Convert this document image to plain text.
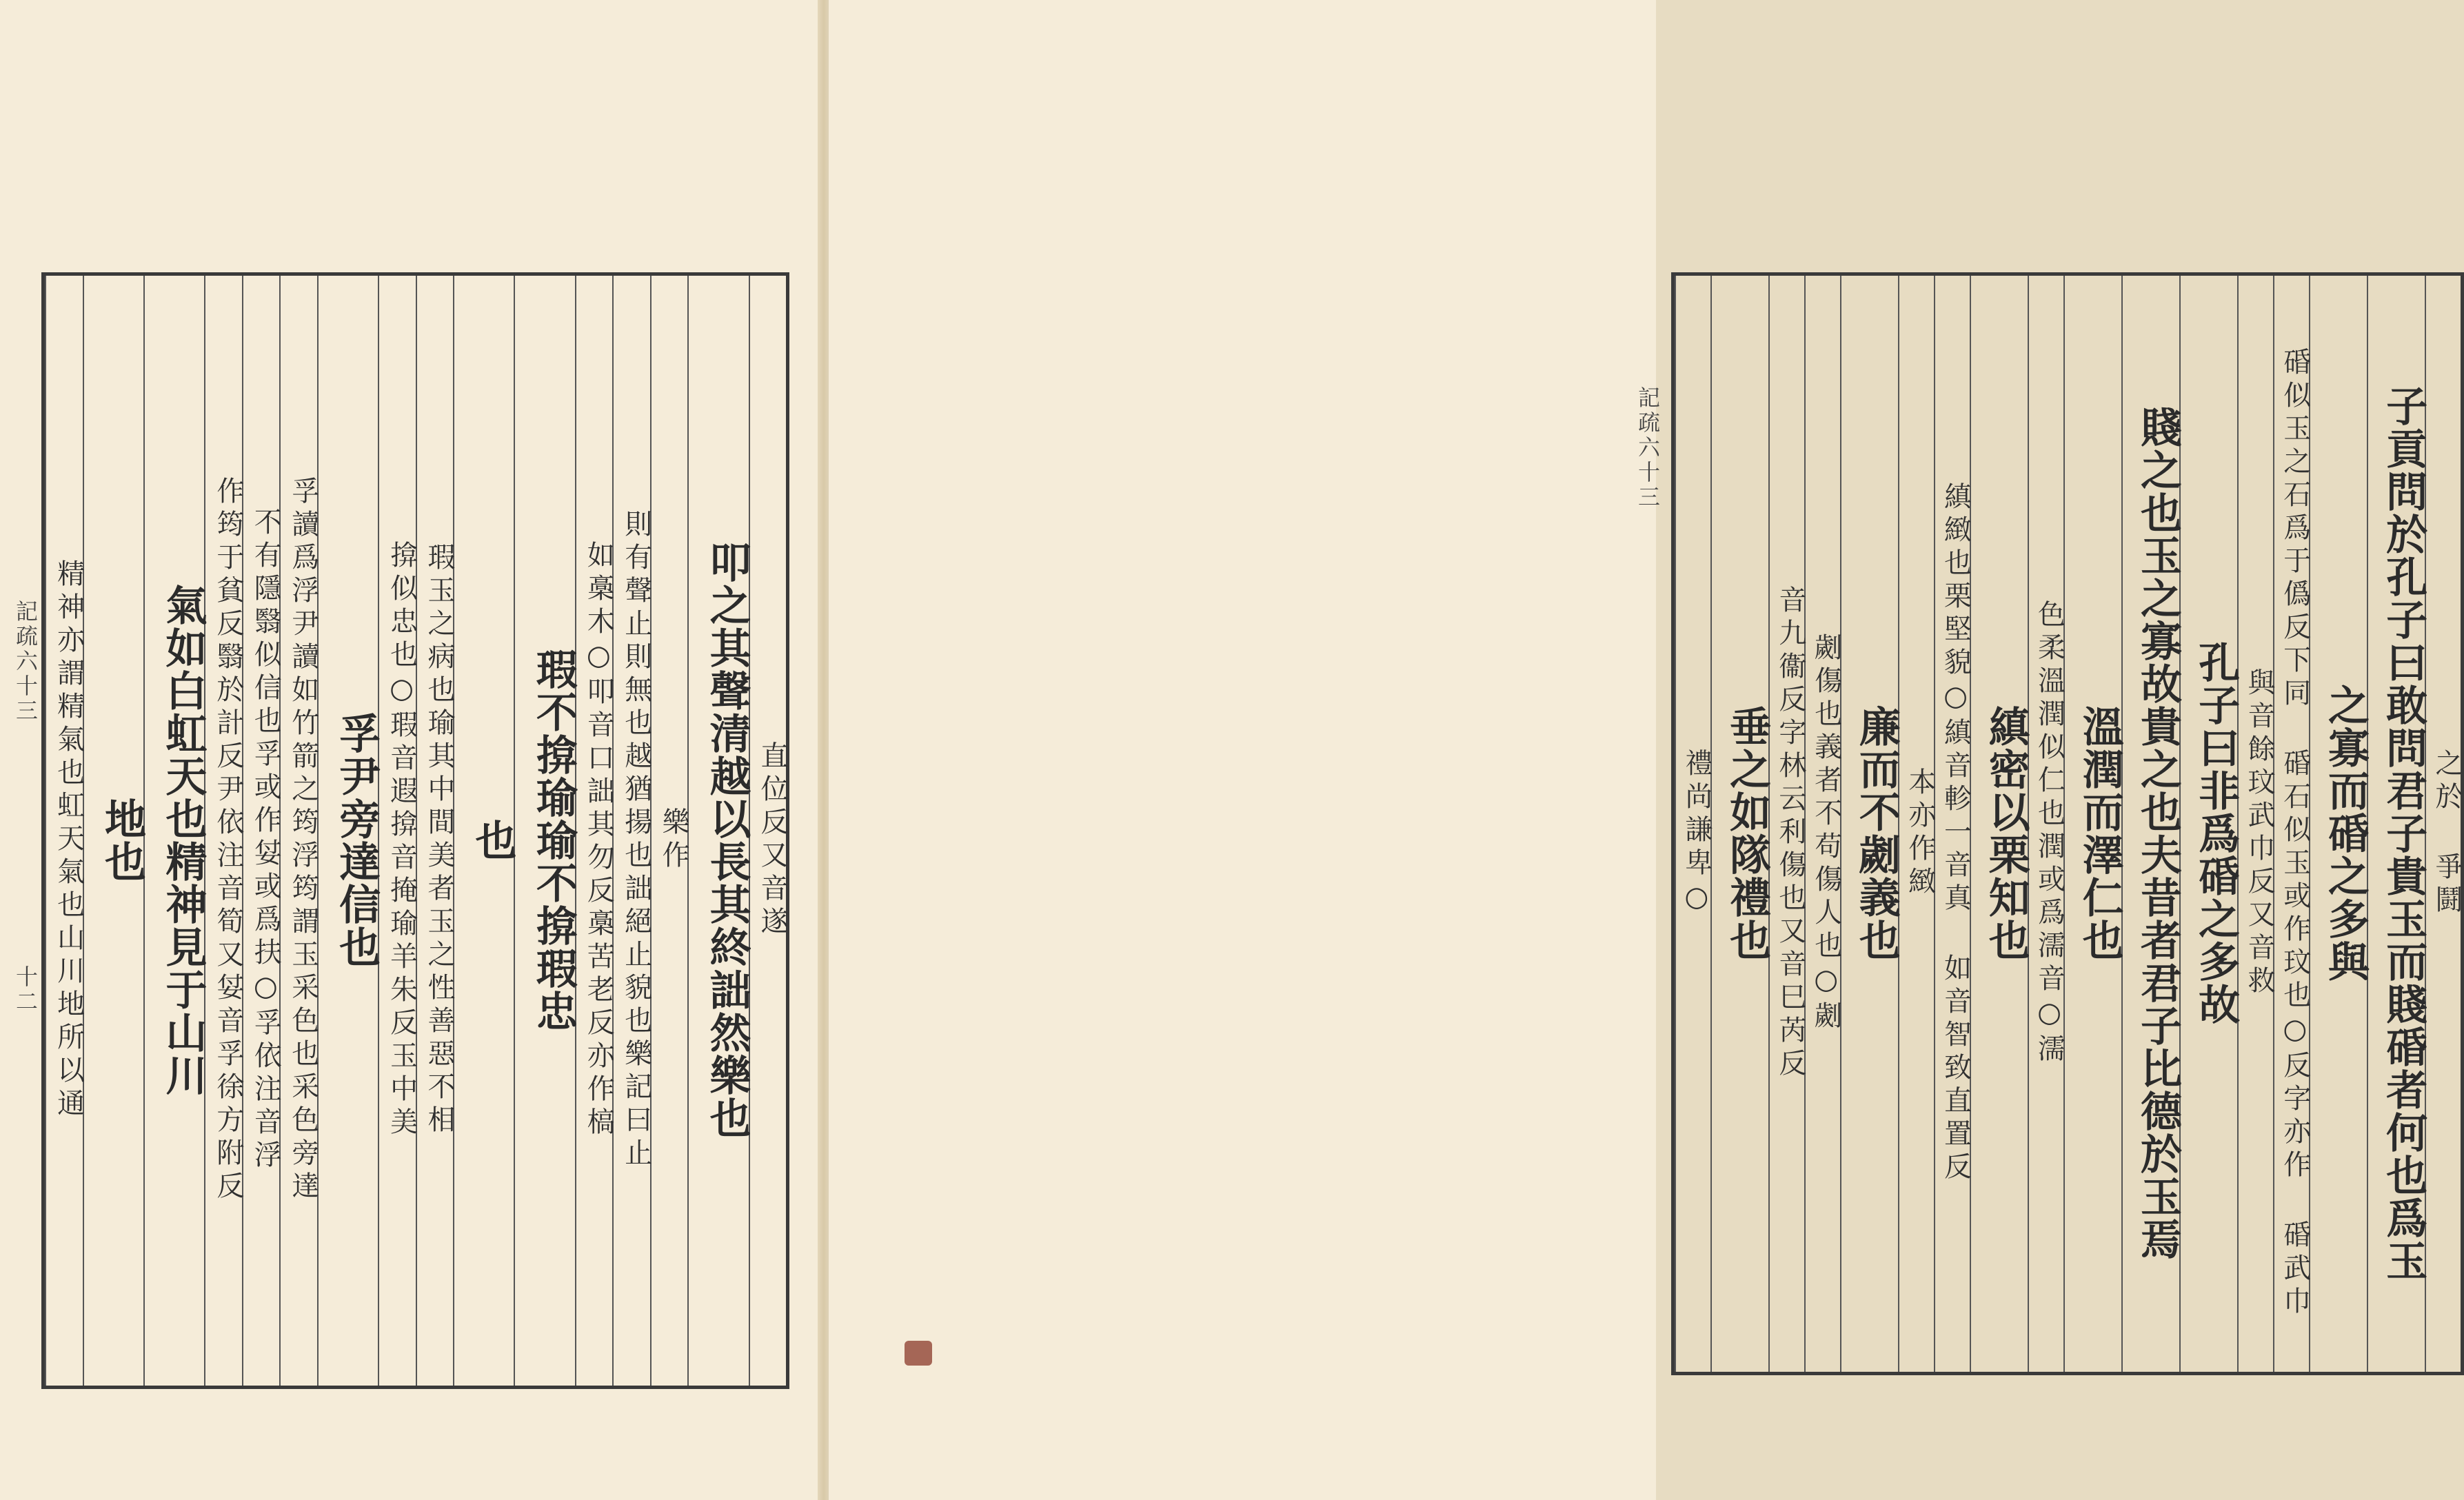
直位反又音遂
叩之其聲清越以長其終詘然樂也
樂作
則有聲止則無也越猶揚也詘絕止貌也樂記曰止
如槀木○叩音口詘其勿反槀苦老反亦作槁
瑕不揜瑜瑜不揜瑕忠
也
瑕玉之病也瑜其中間美者玉之性善惡不相
揜似忠也○瑕音遐揜音掩瑜羊朱反玉中美
孚尹旁達信也
孚讀爲浮尹讀如竹箭之筠浮筠謂玉采色也采色旁達
不有隱翳似信也孚或作姇或爲扶○孚依注音浮
作筠于貧反翳於計反尹依注音筍又姇音孚徐方附反
氣如白虹天也精神見于山川
地也
精神亦謂精氣也虹天氣也山川地所以通
記疏六十三
十二
之於 爭鬪
子貢問於孔子曰敢問君子貴玉而賤碈者何也爲玉
之寡而碈之多與
碈似玉之石爲于僞反下同 碈石似玉或作玟也○反字亦作 碈武巾
與音餘玟武巾反又音救
孔子曰非爲碈之多故
賤之也玉之寡故貴之也夫昔者君子比德於玉焉
溫潤而澤仁也
色柔溫潤似仁也潤或爲濡音○濡
縝密以栗知也
縝緻也栗堅貌○縝音軫一音真 如音智致直置反
本亦作緻
廉而不劌義也
劌傷也義者不苟傷人也○劌
音九衞反字林云利傷也又音巳芮反
垂之如隊禮也
禮尚謙卑○
記疏六十三
